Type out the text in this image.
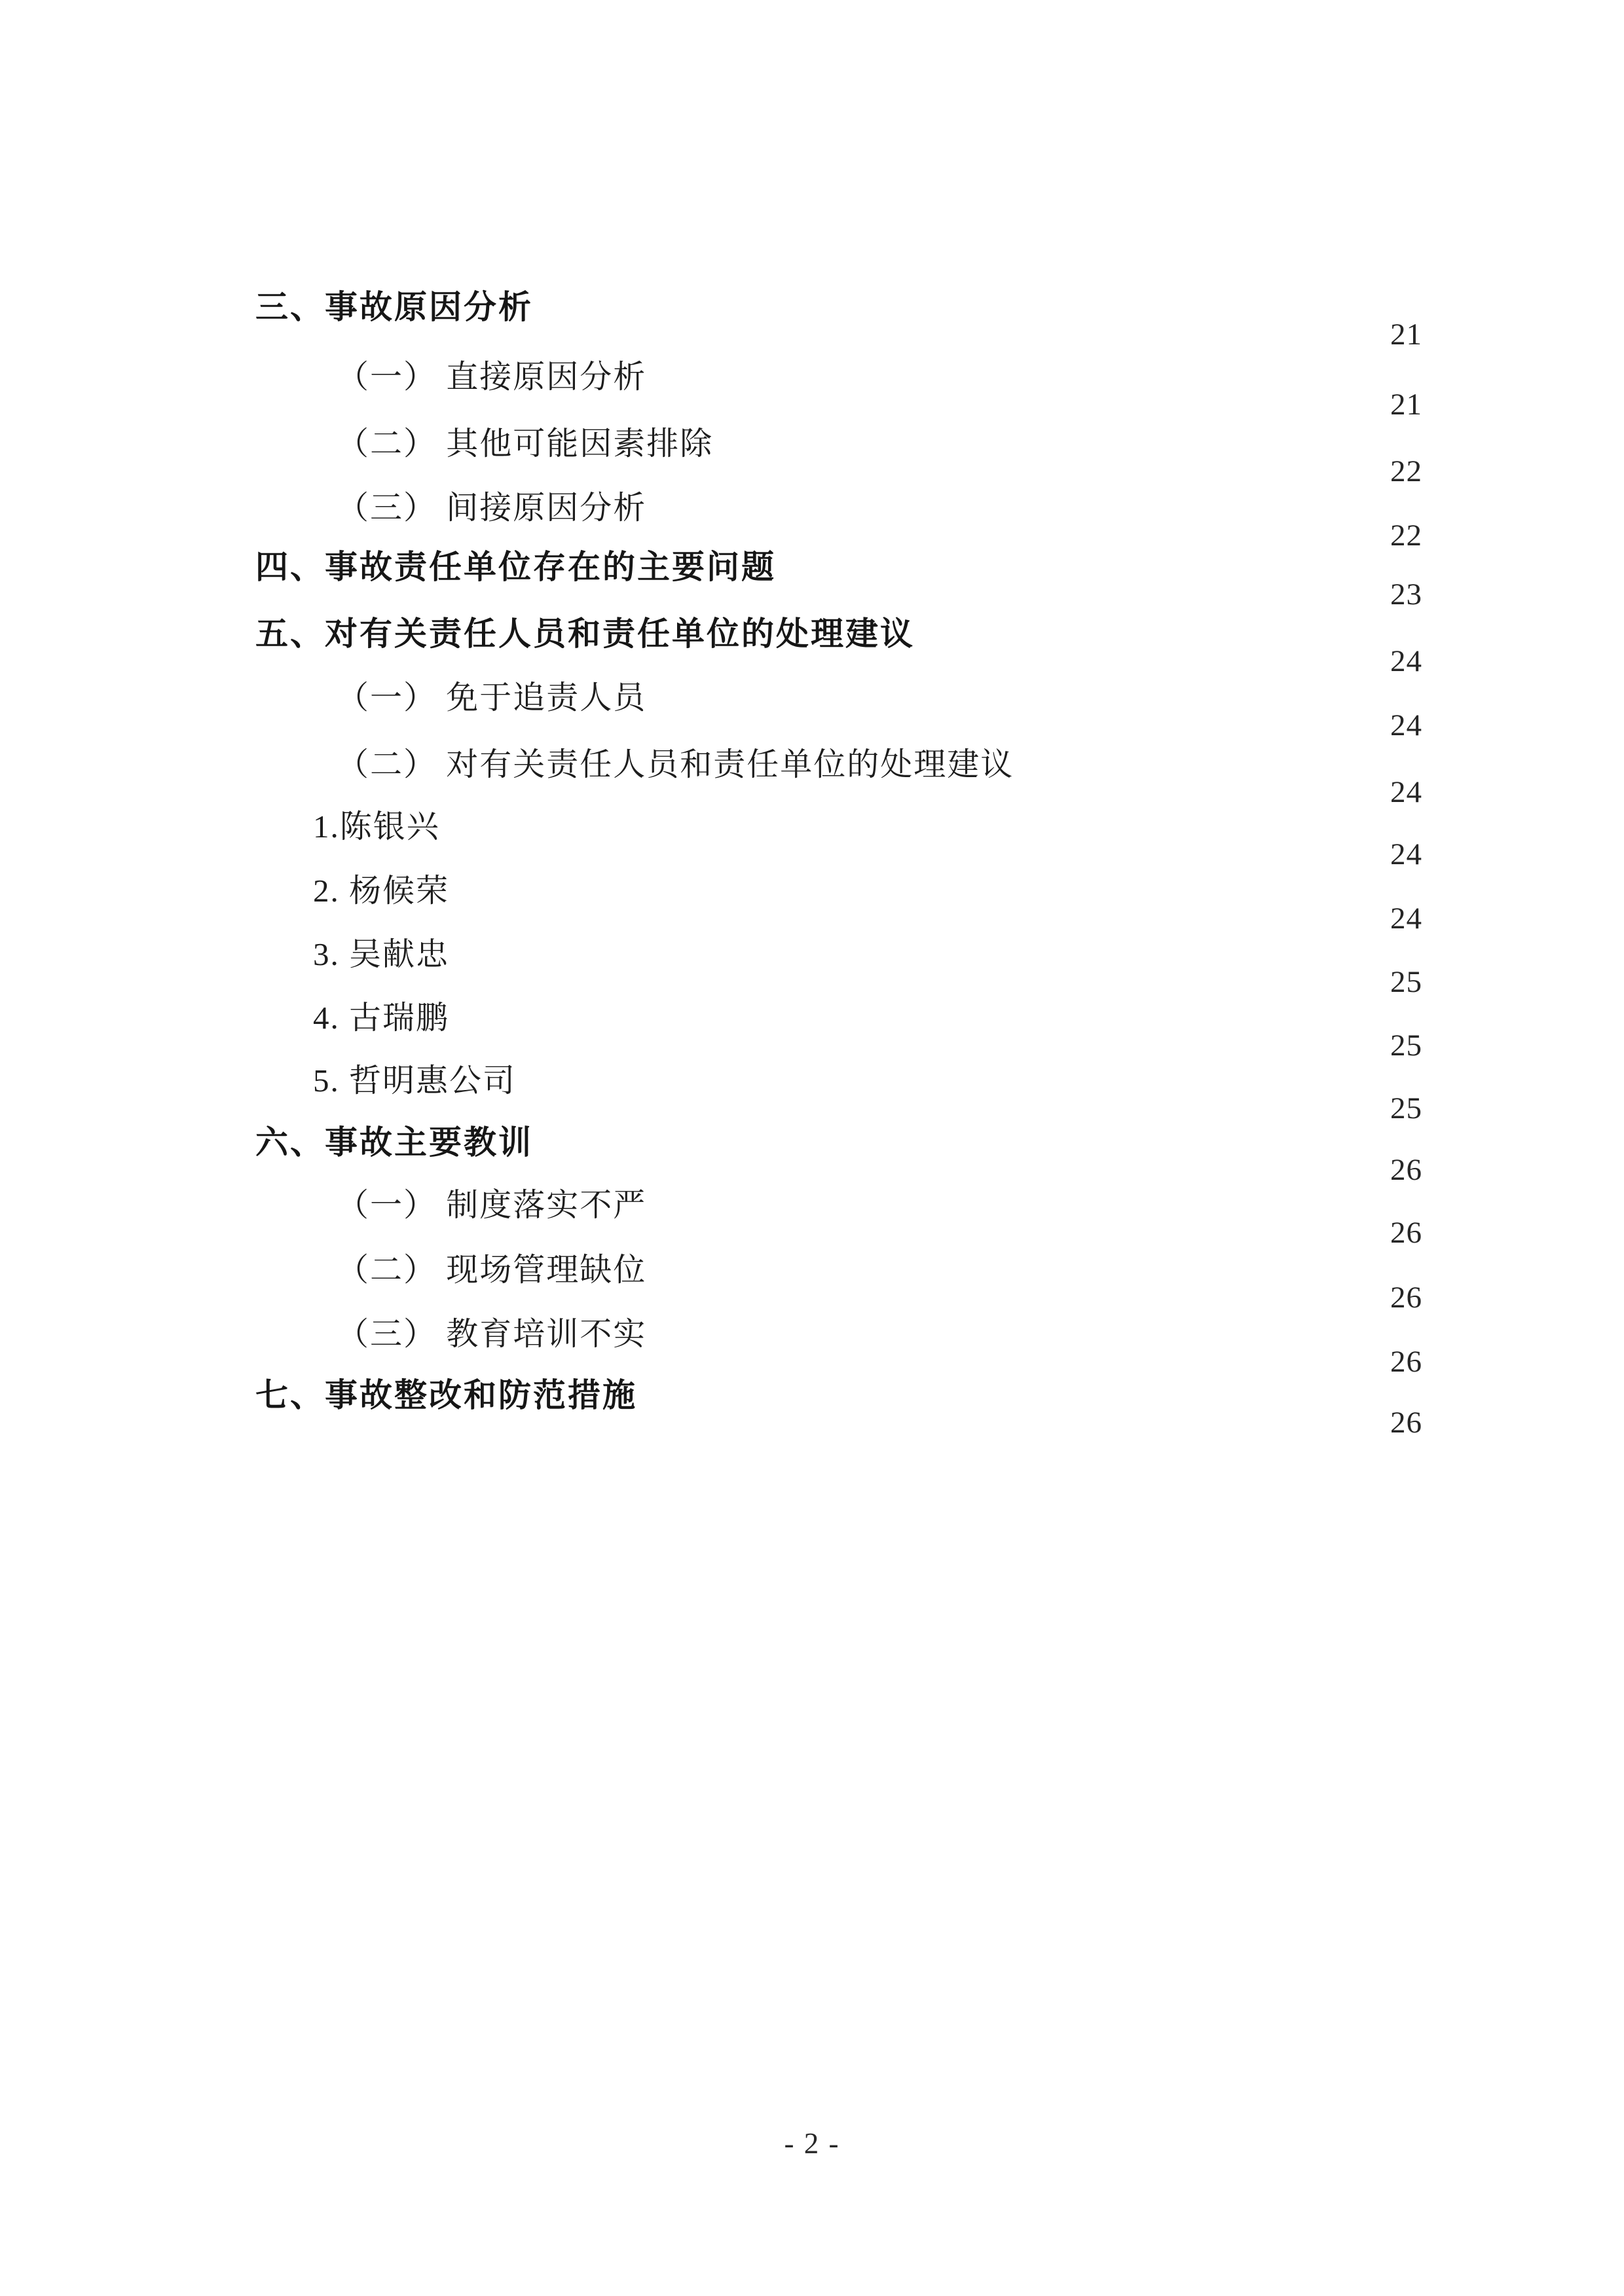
三、事故原因分析
21
（一） 直接原因分析
21
（二） 其他可能因素排除
22
（三） 间接原因分析
22
四、事故责任单位存在的主要问题
23
五、对有关责任人员和责任单位的处理建议
24
（一） 免于追责人员
24
（二） 对有关责任人员和责任单位的处理建议
24
1.陈银兴
24
2. 杨候荣
24
3. 吴献忠
25
4. 古瑞鹏
25
5. 哲明惠公司
25
六、事故主要教训
26
（一） 制度落实不严
26
（二） 现场管理缺位
26
（三） 教育培训不实
26
七、事故整改和防范措施
26
- 2 -
